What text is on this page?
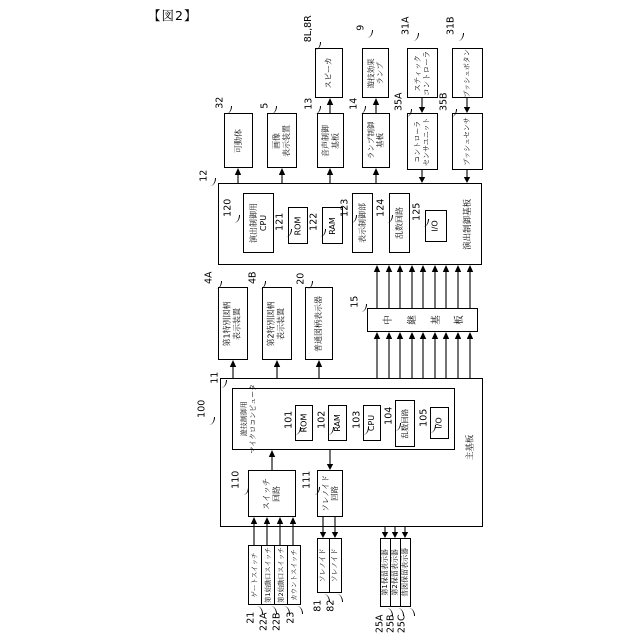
【図2】
中	継	基	板
演出制御基板
主基板
スピーカ	遊技効果
ランプ	スティック
コントローラ	プッシュボタン
可動体	画像
表示装置	音声制御
基板	ランプ制御
基板	コントローラ
センサユニット	プッシュセンサ
演出制御用
CPU	ROM	RAM	表示制御部	乱数回路	I/O
第1特別図柄
表示装置	第2特別図柄
表示装置	普通図柄表示器
遊技制御用
マイクロコンピュータ	ROM	RAM	CPU	乱数回路	I/O
スイッチ
回路	ソレノイド
回路
ゲートスイッチ 第1始動口スイッチ 第2始動口スイッチ カウントスイッチ	ソレノイド ソレノイド	第1保留表示器 第2保留表示器 普図保留表示器
8L,8R	9	31A	31B
32	5	13	14	35A	35B
12
120
121 122
123	124	125
4A	4B	20
15
100
11
101 102	103 104	105
110	111
21 22A 22B 23
81 82
25A 25B 25C
